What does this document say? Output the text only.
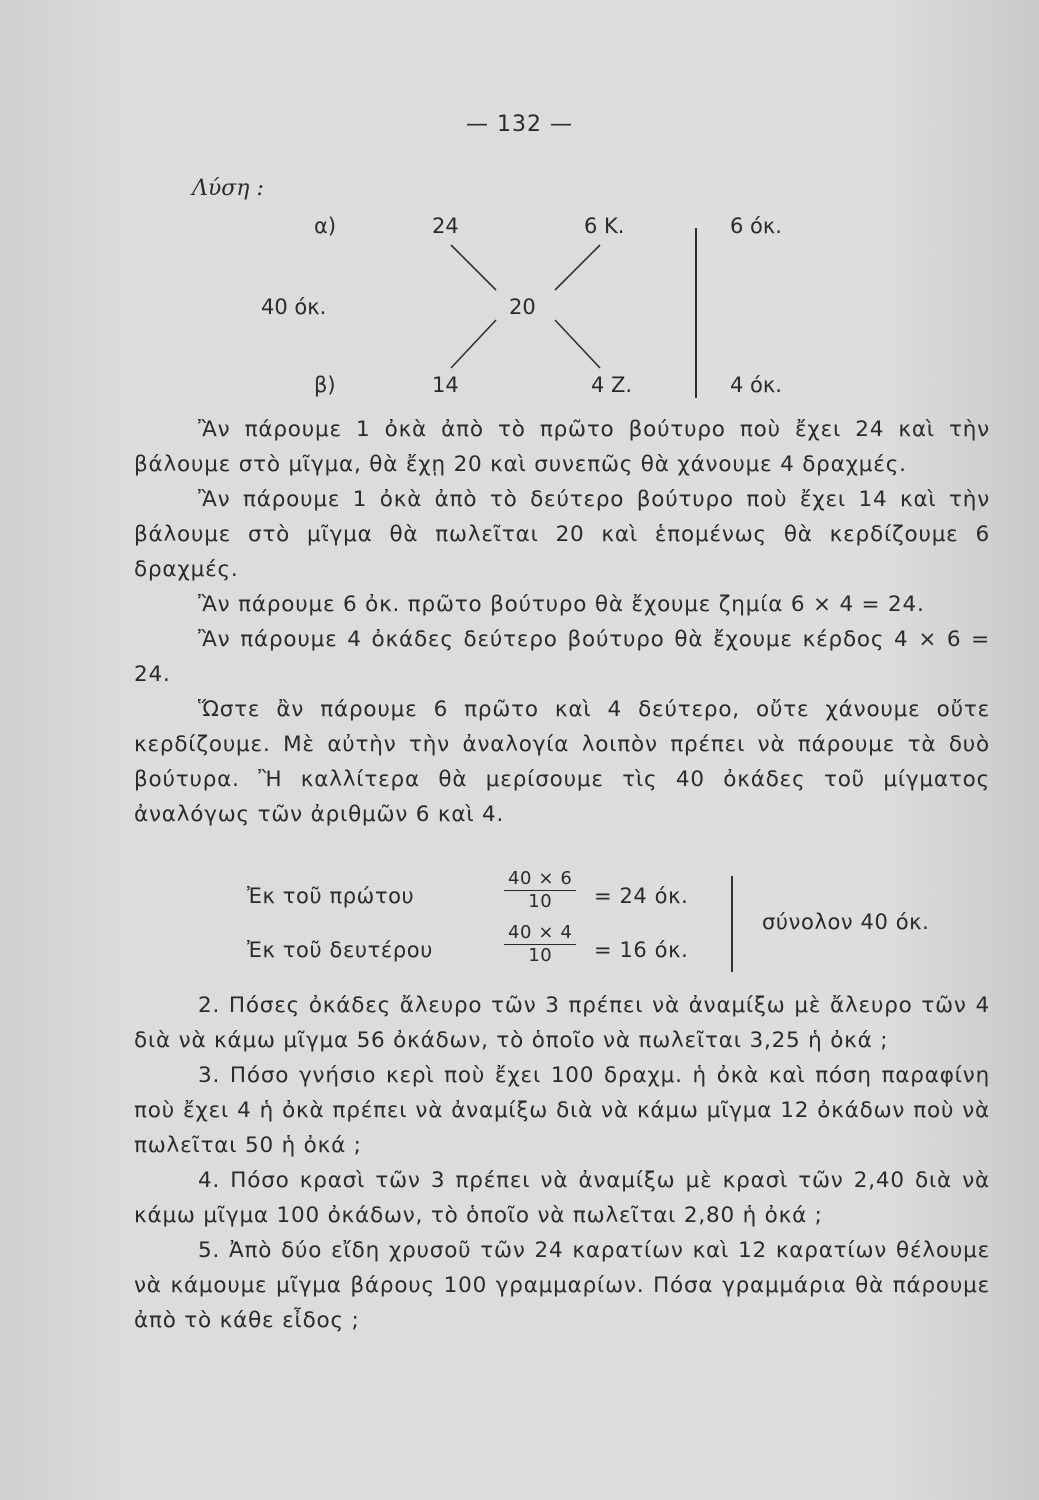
— 132 —
Λύση :
α)	24	6 Κ.	6 όκ.
40 όκ.	20
β)	14	4 Ζ.	4 όκ.

Ἂν πάρουμε 1 ὀκὰ ἀπὸ τὸ πρῶτο βούτυρο ποὺ ἔχει 24 καὶ τὴν βάλουμε στὸ μῖγμα, θὰ ἔχῃ 20 καὶ συνεπῶς θὰ χάνουμε 4 δραχμές.

Ἂν πάρουμε 1 ὀκὰ ἀπὸ τὸ δεύτερο βούτυρο ποὺ ἔχει 14 καὶ τὴν βάλουμε στὸ μῖγμα θὰ πωλεῖται 20 καὶ ἑπομένως θὰ κερδίζουμε 6 δραχμές.

Ἂν πάρουμε 6 ὀκ. πρῶτο βούτυρο θὰ ἔχουμε ζημία 6 × 4 = 24.

Ἂν πάρουμε 4 ὀκάδες δεύτερο βούτυρο θὰ ἔχουμε κέρδος 4 × 6 = 24.

Ὥστε ἂν πάρουμε 6 πρῶτο καὶ 4 δεύτερο, οὔτε χάνουμε οὔτε κερδίζουμε. Μὲ αὐτὴν τὴν ἀναλογία λοιπὸν πρέπει νὰ πάρουμε τὰ δυὸ βούτυρα. Ἢ καλλίτερα θὰ μερίσουμε τὶς 40 ὀκάδες τοῦ μίγματος ἀναλόγως τῶν ἀριθμῶν 6 καὶ 4.

Ἐκ τοῦ πρώτου	$\frac{40 \times 6}{10} = 24$ όκ.
Ἐκ τοῦ δευτέρου	$\frac{40 \times 4}{10} = 16$ όκ.
σύνολον 40 όκ.

2. Πόσες ὀκάδες ἄλευρο τῶν 3 πρέπει νὰ ἀναμίξω μὲ ἄλευρο τῶν 4 διὰ νὰ κάμω μῖγμα 56 ὀκάδων, τὸ ὁποῖο νὰ πωλεῖται 3,25 ἡ ὀκά ;

3. Πόσο γνήσιο κερὶ ποὺ ἔχει 100 δραχμ. ἡ ὀκὰ καὶ πόση παραφίνη ποὺ ἔχει 4 ἡ ὀκὰ πρέπει νὰ ἀναμίξω διὰ νὰ κάμω μῖγμα 12 ὀκάδων ποὺ νὰ πωλεῖται 50 ἡ ὀκά ;

4. Πόσο κρασὶ τῶν 3 πρέπει νὰ ἀναμίξω μὲ κρασὶ τῶν 2,40 διὰ νὰ κάμω μῖγμα 100 ὀκάδων, τὸ ὁποῖο νὰ πωλεῖται 2,80 ἡ ὀκά ;

5. Ἀπὸ δύο εἴδη χρυσοῦ τῶν 24 καρατίων καὶ 12 καρατίων θέλουμε νὰ κάμουμε μῖγμα βάρους 100 γραμμαρίων. Πόσα γραμμάρια θὰ πάρουμε ἀπὸ τὸ κάθε εἶδος ;
